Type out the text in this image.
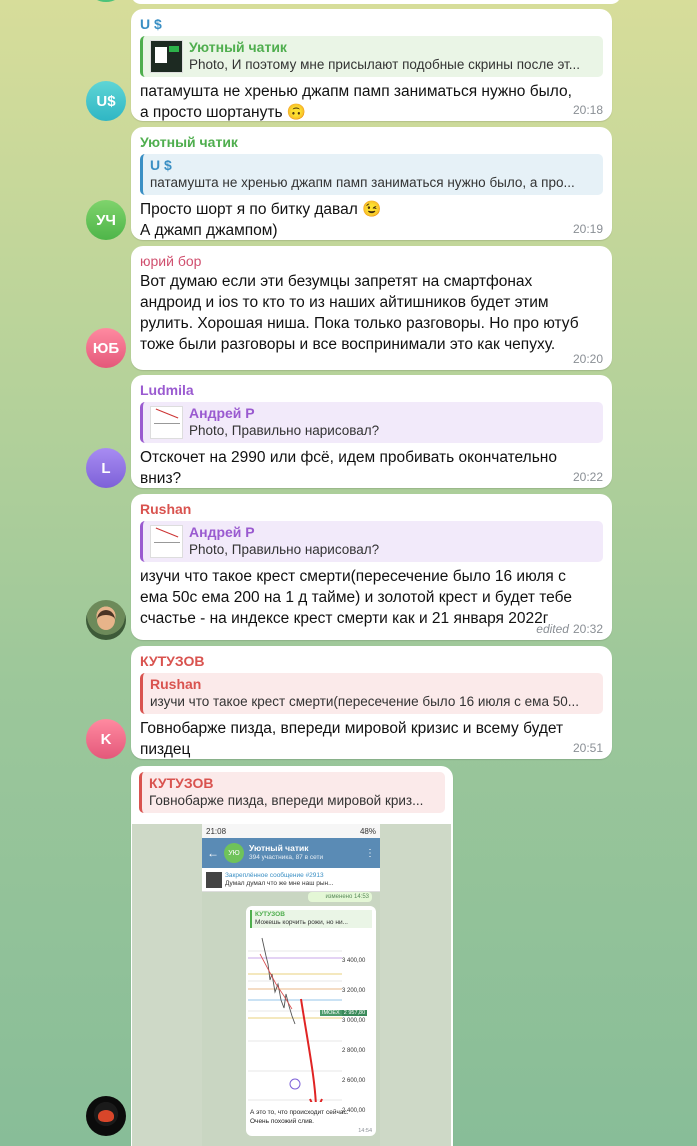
U$
U $
Уютный чатик
Photo, И поэтому мне присылают подобные скрины после эт...
патамушта не хренью джапм памп заниматься нужно было,
а просто шортануть 🙃	20:18
УЧ
Уютный чатик
U $
патамушта не хренью джапм памп заниматься нужно было, а про...
Просто шорт я по битку давал 😉
А джамп джампом)	20:19
ЮБ
юрий бор
Вот думаю если эти безумцы запретят на смартфонах
андроид и ios то кто то из наших айтишников будет этим
рулить. Хорошая ниша. Пока только разговоры. Но про ютуб
тоже были разговоры и все воспринимали это как чепуху.
20:20
L
Ludmila
Андрей Р
Photo, Правильно нарисовал?
Отскочет на 2990 или фсё, идем пробивать окончательно
вниз?	20:22
Rushan
Андрей Р
Photo, Правильно нарисовал?
изучи что такое крест смерти(пересечение было 16 июля с
ема 50с ема 200 на 1 д тайме) и золотой крест и будет тебе
счастье - на индексе крест смерти как и 21 января 2022г
edited 20:32
K
КУТУЗОВ
Rushan
изучи что такое крест смерти(пересечение было 16 июля с ема 50...
Говнобарже пизда, впереди мировой кризис и всему будет
пиздец	20:51
КУТУЗОВ
Говнобарже пизда, впереди мировой криз...
21:08	48%
←	УЮ	Уютный чатик
394 участника, 87 в сети	⋮
Закреплённое сообщение #2913
Думал думал что же мне наш рын...
изменено 14:53
КУТУЗОВ
Можешь корчить рожи, но ни...
3 400,00
3 200,00
3 000,00
2 800,00
2 600,00
2 400,00
IMOEX 2 957,80
А это то, что происходит сейчас.
Очень похожий слив.
14:54
